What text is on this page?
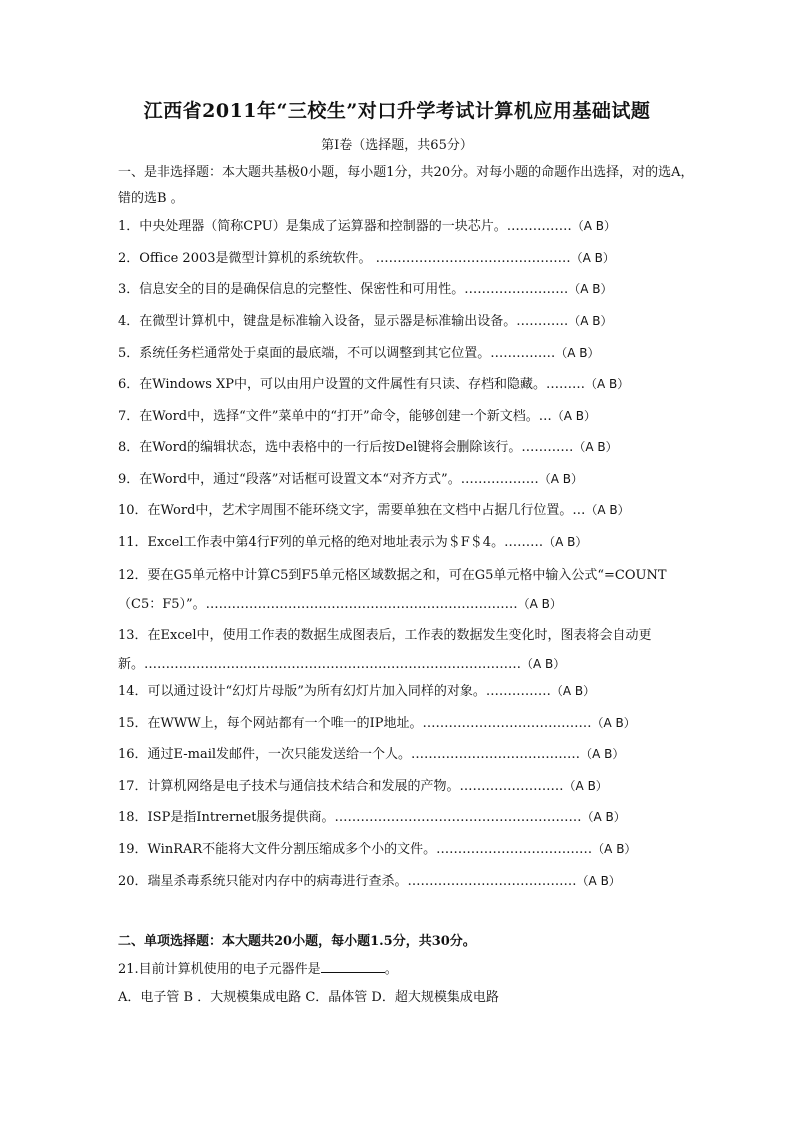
江西省2011年“三校生”对口升学考试计算机应用基础试题
第Ⅰ卷（选择题，共65分）
一、是非选择题：本大题共基极0小题，每小题1分，共20分。对每小题的命题作出选择，对的选A，错的选B 。
1．中央处理器（简称CPU）是集成了运算器和控制器的一块芯片。……………（A B）
2．Office 2003是微型计算机的系统软件。 ………………………………………（A B）
3．信息安全的目的是确保信息的完整性、保密性和可用性。……………………（A B）
4．在微型计算机中，键盘是标准输入设备，显示器是标准输出设备。…………（A B）
5．系统任务栏通常处于桌面的最底端，不可以调整到其它位置。……………（A B）
6．在Windows XP中，可以由用户设置的文件属性有只读、存档和隐藏。………（A B）
7．在Word中，选择“文件”菜单中的“打开”命令，能够创建一个新文档。…（A B）
8．在Word的编辑状态，选中表格中的一行后按Del键将会删除该行。…………（A B）
9．在Word中，通过“段落”对话框可设置文本“对齐方式”。………………（A B）
10．在Word中，艺术字周围不能环绕文字，需要单独在文档中占据几行位置。…（A B）
11．Excel工作表中第4行F列的单元格的绝对地址表示为＄F＄4。………（A B）
12．要在G5单元格中计算C5到F5单元格区域数据之和，可在G5单元格中输入公式“=COUNT（C5：F5）”。………………………………………………………………（A B）
13．在Excel中，使用工作表的数据生成图表后，工作表的数据发生变化时，图表将会自动更新。……………………………………………………………………………（A B）
14．可以通过设计“幻灯片母版”为所有幻灯片加入同样的对象。……………（A B）
15．在WWW上，每个网站都有一个唯一的IP地址。…………………………………（A B）
16．通过E-mail发邮件，一次只能发送给一个人。…………………………………（A B）
17．计算机网络是电子技术与通信技术结合和发展的产物。……………………（A B）
18．ISP是指Intrernet服务提供商。…………………………………………………（A B）
19．WinRAR不能将大文件分割压缩成多个小的文件。………………………………（A B）
20．瑞星杀毒系统只能对内存中的病毒进行查杀。…………………………………（A B）
二、单项选择题：本大题共20小题，每小题1.5分，共30分。
21.目前计算机使用的电子元器件是	。
A．电子管 B ．大规模集成电路 C．晶体管 D．超大规模集成电路
